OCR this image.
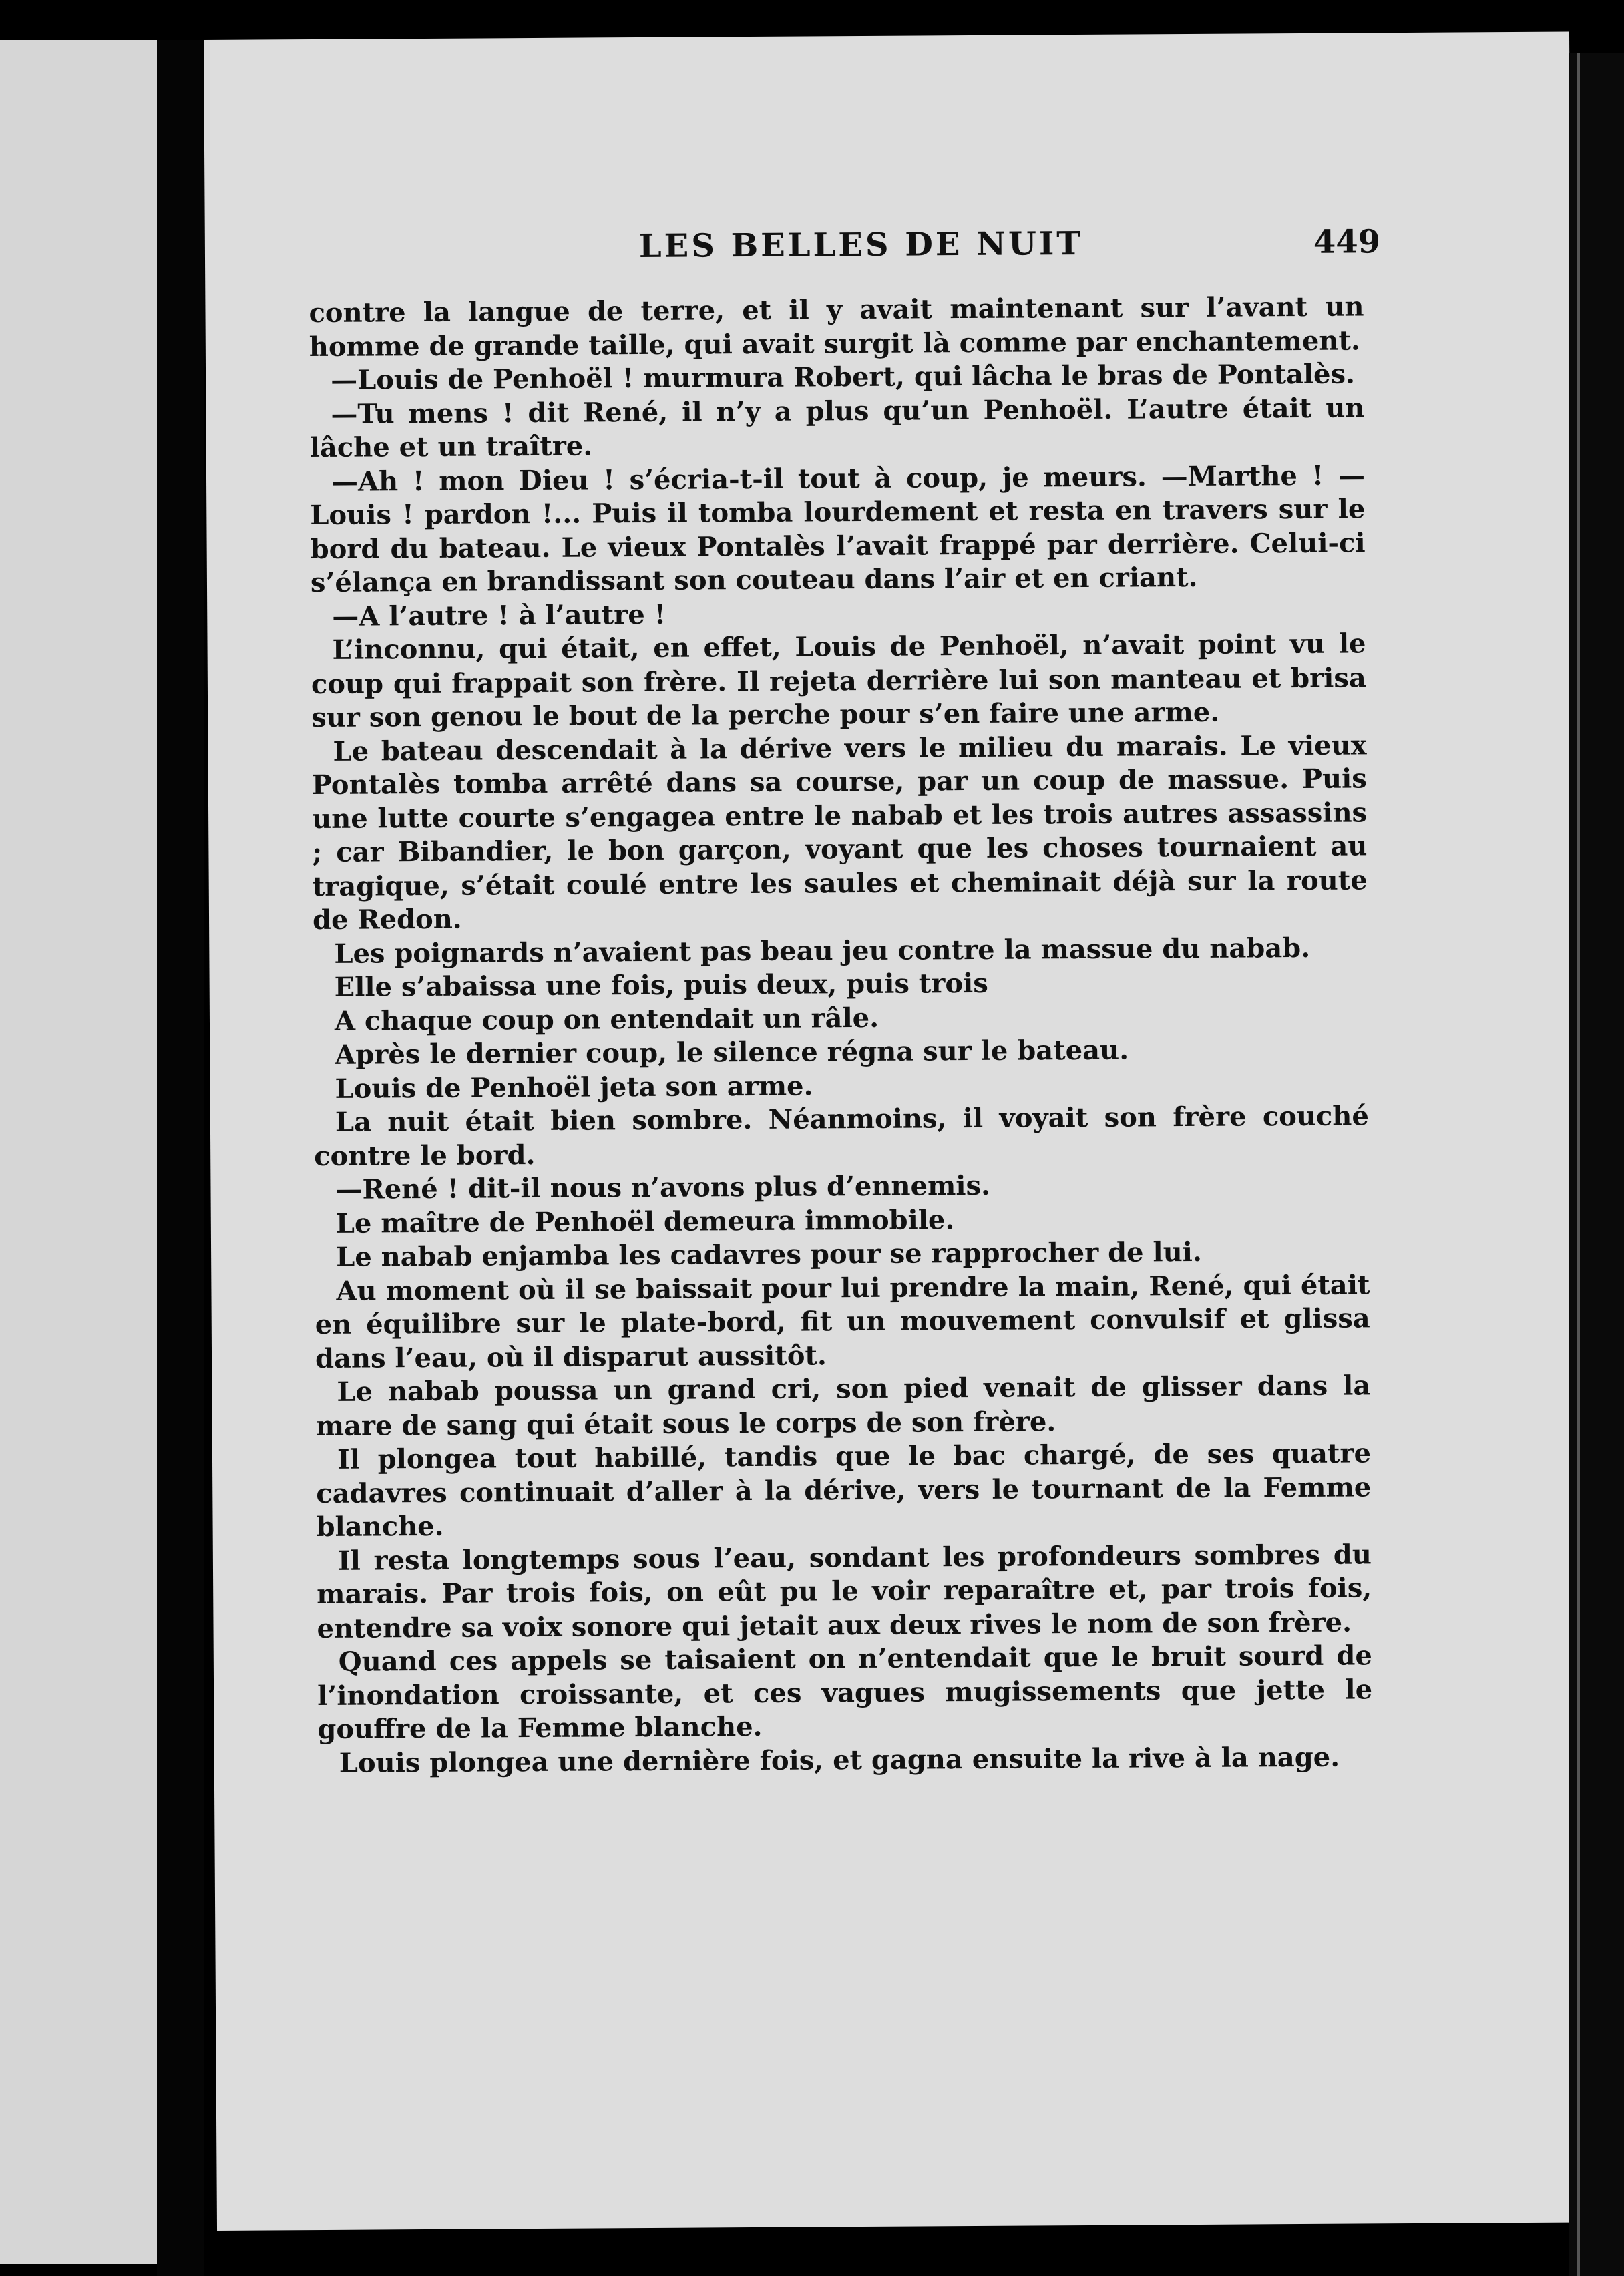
LES BELLES DE NUIT	449

contre la langue de terre, et il y avait maintenant sur l’avant un homme de grande taille, qui avait surgit là comme par enchantement.

—Louis de Penhoël ! murmura Robert, qui lâcha le bras de Pontalès.

—Tu mens ! dit René, il n’y a plus qu’un Penhoël. L’autre était un lâche et un traître.

—Ah ! mon Dieu ! s’écria-t-il tout à coup, je meurs. —Marthe ! —Louis ! pardon !... Puis il tomba lourdement et resta en travers sur le bord du bateau. Le vieux Pontalès l’avait frappé par derrière. Celui-ci s’élança en brandissant son couteau dans l’air et en criant.

—A l’autre ! à l’autre !

L’inconnu, qui était, en effet, Louis de Penhoël, n’avait point vu le coup qui frappait son frère. Il rejeta derrière lui son manteau et brisa sur son genou le bout de la perche pour s’en faire une arme.

Le bateau descendait à la dérive vers le milieu du marais. Le vieux Pontalès tomba arrêté dans sa course, par un coup de massue. Puis une lutte courte s’engagea entre le nabab et les trois autres assassins ; car Bibandier, le bon garçon, voyant que les choses tournaient au tragique, s’était coulé entre les saules et cheminait déjà sur la route de Redon.

Les poignards n’avaient pas beau jeu contre la massue du nabab.

Elle s’abaissa une fois, puis deux, puis trois

A chaque coup on entendait un râle.

Après le dernier coup, le silence régna sur le bateau.

Louis de Penhoël jeta son arme.

La nuit était bien sombre. Néanmoins, il voyait son frère couché contre le bord.

—René ! dit-il nous n’avons plus d’ennemis.

Le maître de Penhoël demeura immobile.

Le nabab enjamba les cadavres pour se rapprocher de lui.

Au moment où il se baissait pour lui prendre la main, René, qui était en équilibre sur le plate-bord, fit un mouvement convulsif et glissa dans l’eau, où il disparut aussitôt.

Le nabab poussa un grand cri, son pied venait de glisser dans la mare de sang qui était sous le corps de son frère.

Il plongea tout habillé, tandis que le bac chargé, de ses quatre cadavres continuait d’aller à la dérive, vers le tournant de la Femme blanche.

Il resta longtemps sous l’eau, sondant les profondeurs sombres du marais. Par trois fois, on eût pu le voir reparaître et, par trois fois, entendre sa voix sonore qui jetait aux deux rives le nom de son frère.

Quand ces appels se taisaient on n’entendait que le bruit sourd de l’inondation croissante, et ces vagues mugissements que jette le gouffre de la Femme blanche.

Louis plongea une dernière fois, et gagna ensuite la rive à la nage.
